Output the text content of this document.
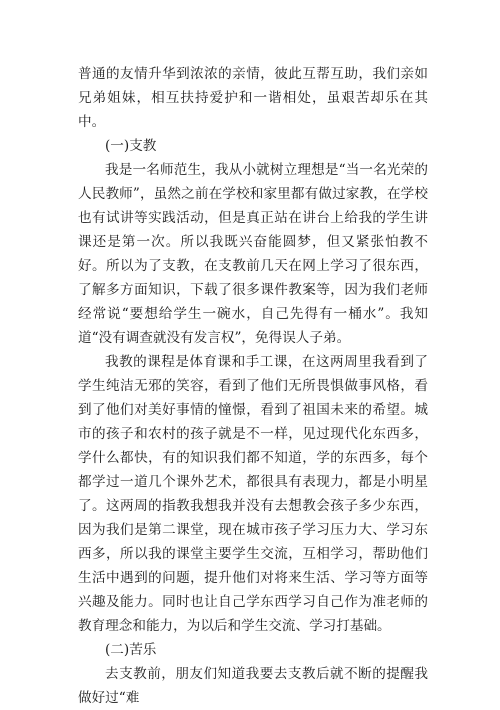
普通的友情升华到浓浓的亲情，彼此互帮互助，我们亲如兄弟姐妹，相互扶持爱护和一谐相处，虽艰苦却乐在其中。

(一)支教

我是一名师范生，我从小就树立理想是“当一名光荣的人民教师”，虽然之前在学校和家里都有做过家教，在学校也有试讲等实践活动，但是真正站在讲台上给我的学生讲课还是第一次。所以我既兴奋能圆梦，但又紧张怕教不好。所以为了支教，在支教前几天在网上学习了很东西，了解多方面知识，下载了很多课件教案等，因为我们老师经常说“要想给学生一碗水，自己先得有一桶水”。我知道“没有调查就没有发言权”，免得误人子弟。

我教的课程是体育课和手工课，在这两周里我看到了学生纯洁无邪的笑容，看到了他们无所畏惧做事风格，看到了他们对美好事情的憧憬，看到了祖国未来的希望。城市的孩子和农村的孩子就是不一样，见过现代化东西多，学什么都快，有的知识我们都不知道，学的东西多，每个都学过一道几个课外艺术，都很具有表现力，都是小明星了。这两周的指教我想我并没有去想教会孩子多少东西，因为我们是第二课堂，现在城市孩子学习压力大、学习东西多，所以我的课堂主要学生交流，互相学习，帮助他们生活中遇到的问题，提升他们对将来生活、学习等方面等兴趣及能力。同时也让自己学东西学习自己作为准老师的教育理念和能力，为以后和学生交流、学习打基础。

(二)苦乐

去支教前，朋友们知道我要去支教后就不断的提醒我做好过“难
